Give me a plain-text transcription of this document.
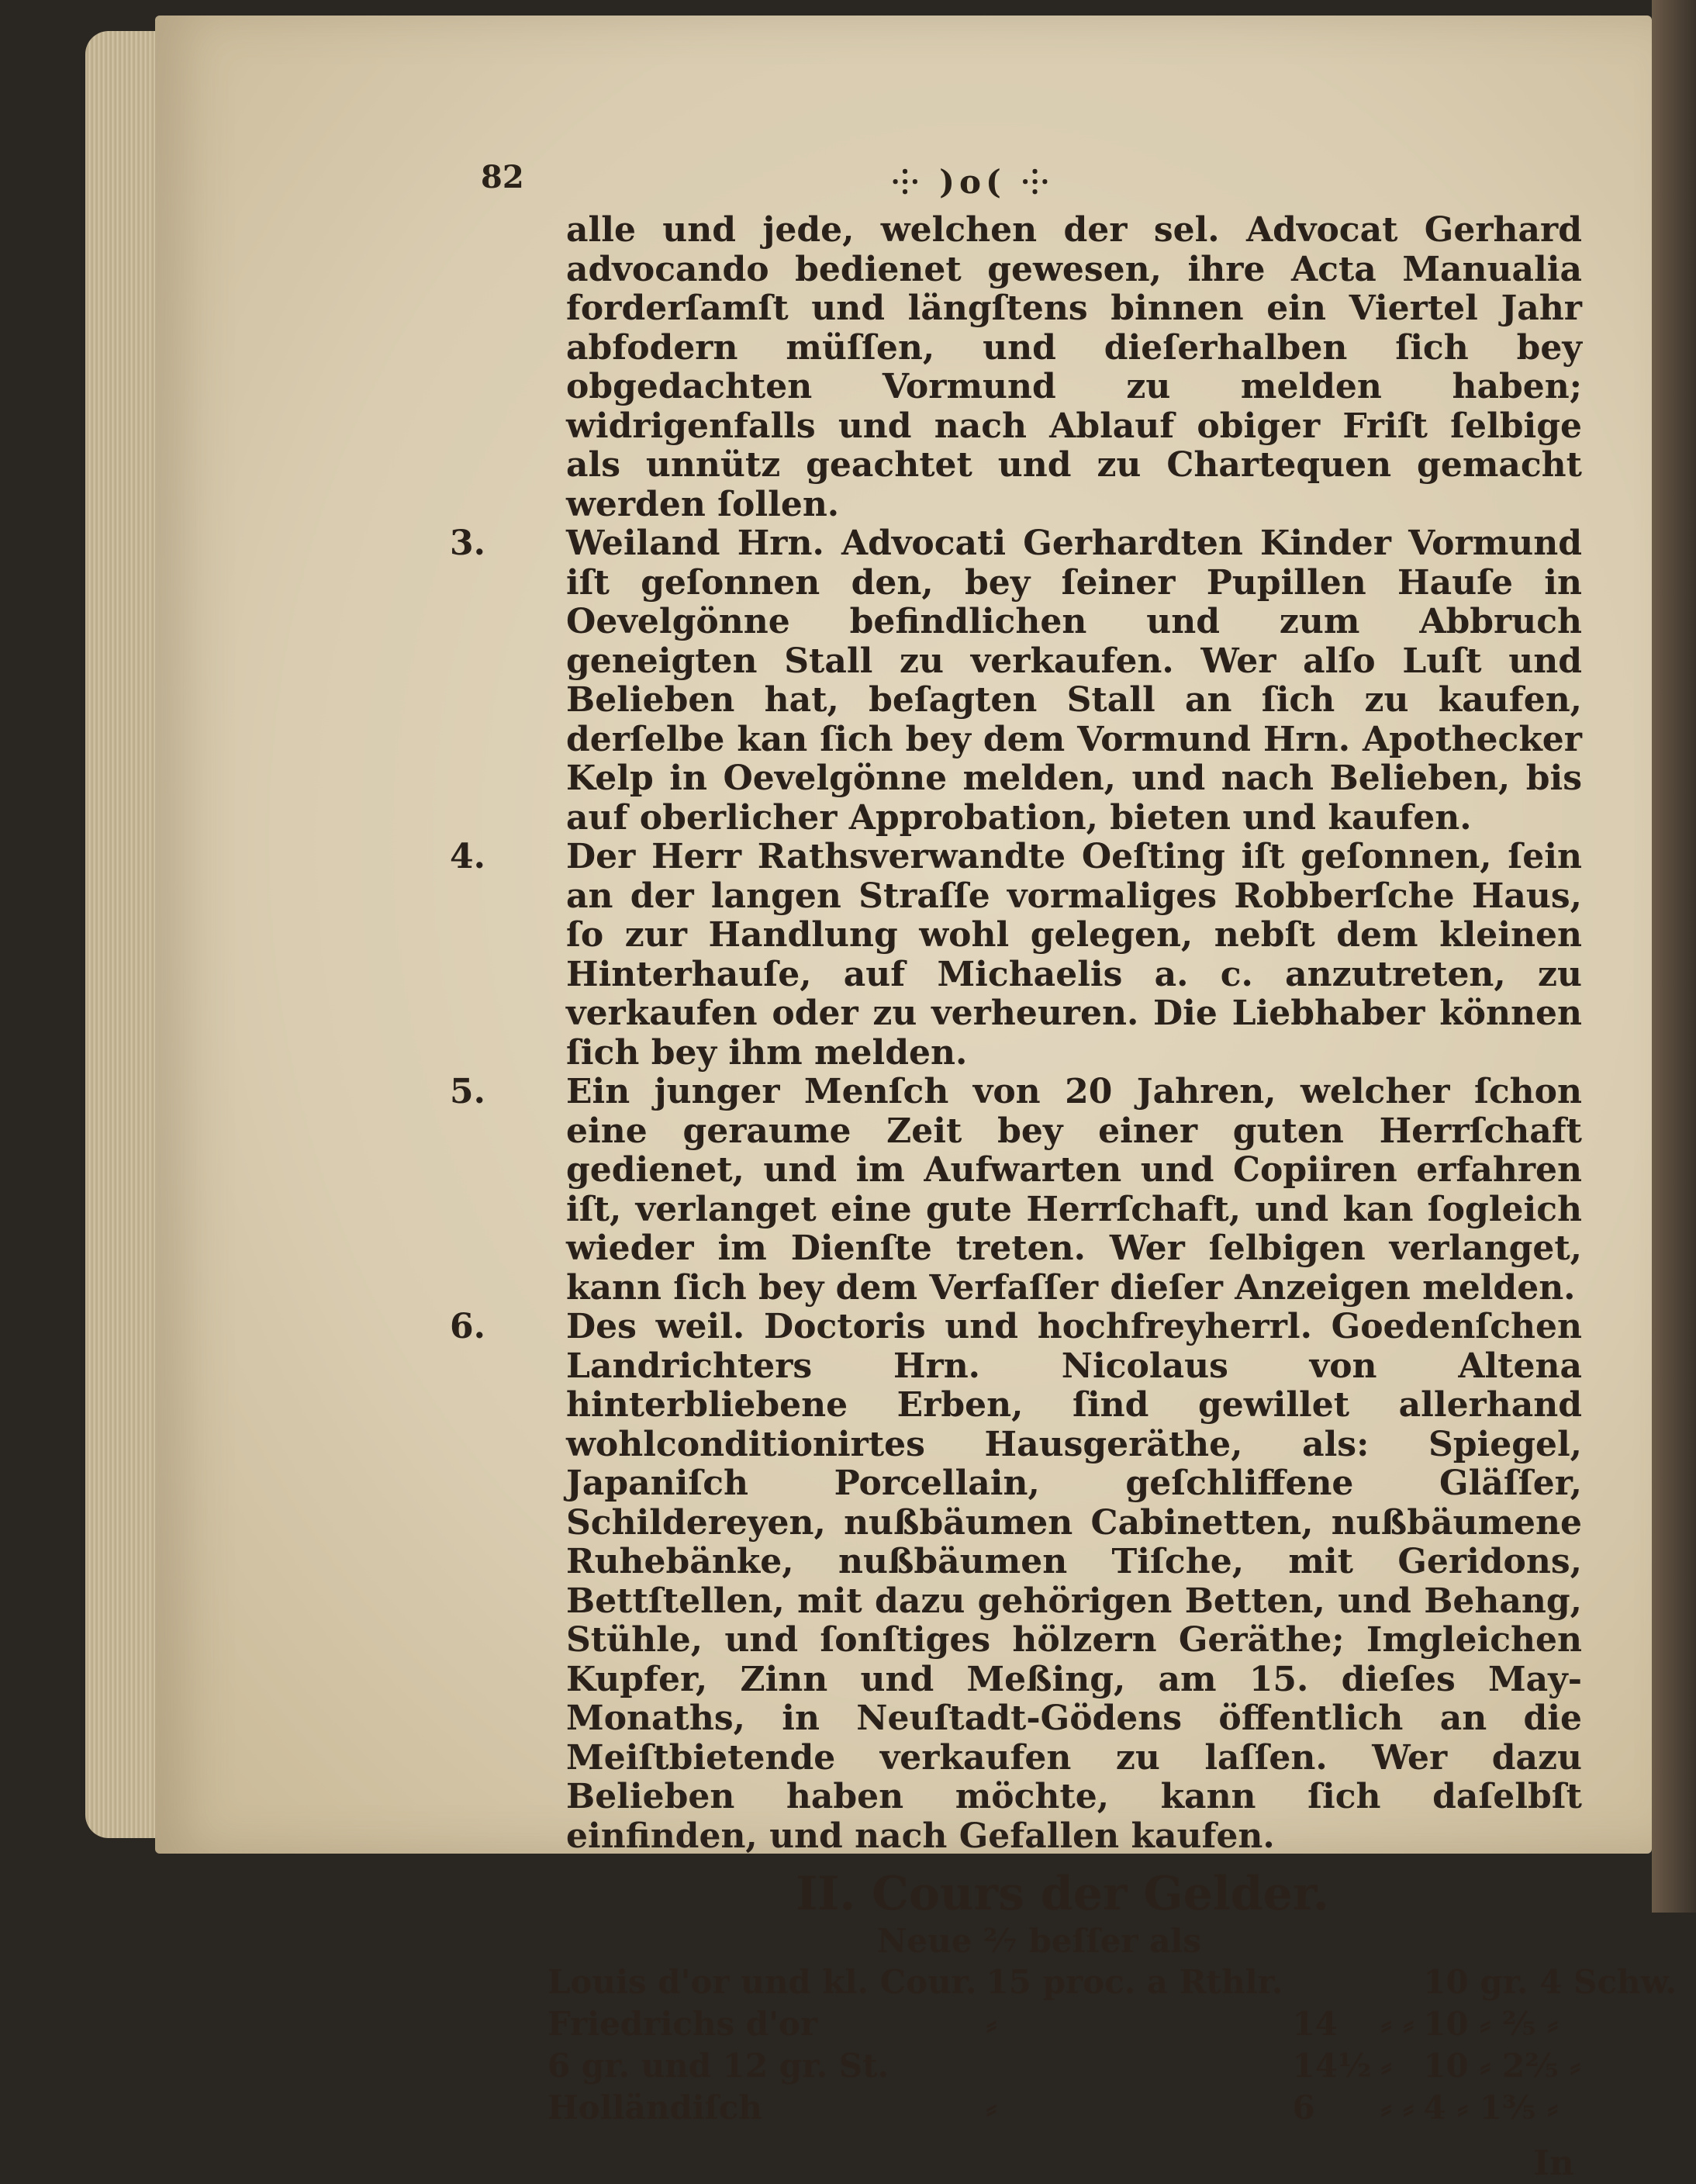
82	⸭ )o( ⸭
alle und jede, welchen der sel. Advocat Gerhard advocando bedienet gewesen, ihre Acta Manualia forderſamſt und längſtens binnen ein Viertel Jahr abfodern müſſen, und dieſerhalben ſich bey obgedachten Vormund zu melden haben; widrigenfalls und nach Ablauf obiger Friſt ſelbige als unnütz geachtet und zu Chartequen gemacht werden ſollen.
3. Weiland Hrn. Advocati Gerhardten Kinder Vormund iſt geſonnen den, bey ſeiner Pupillen Hauſe in Oevelgönne befindlichen und zum Abbruch geneigten Stall zu verkaufen. Wer alſo Luſt und Belieben hat, beſagten Stall an ſich zu kaufen, derſelbe kan ſich bey dem Vormund Hrn. Apothecker Kelp in Oevelgönne melden, und nach Belieben, bis auf oberlicher Approbation, bieten und kaufen.
4. Der Herr Rathsverwandte Oeſting iſt geſonnen, ſein an der langen Straſſe vormaliges Robberſche Haus, ſo zur Handlung wohl gelegen, nebſt dem kleinen Hinterhauſe, auf Michaelis a. c. anzutreten, zu verkaufen oder zu verheuren. Die Liebhaber können ſich bey ihm melden.
5. Ein junger Menſch von 20 Jahren, welcher ſchon eine geraume Zeit bey einer guten Herrſchaft gedienet, und im Aufwarten und Copiiren erfahren iſt, verlanget eine gute Herrſchaft, und kan ſogleich wieder im Dienſte treten. Wer ſelbigen verlanget, kann ſich bey dem Verfaſſer dieſer Anzeigen melden.
6. Des weil. Doctoris und hochfreyherrl. Goedenſchen Landrichters Hrn. Nicolaus von Altena hinterbliebene Erben, ſind gewillet allerhand wohlconditionirtes Hausgeräthe, als: Spiegel, Japaniſch Porcellain, geſchliffene Gläſſer, Schildereyen, nußbäumen Cabinetten, nußbäumene Ruhebänke, nußbäumen Tiſche, mit Geridons, Bettſtellen, mit dazu gehörigen Betten, und Behang, Stühle, und ſonſtiges hölzern Geräthe; Imgleichen Kupfer, Zinn und Meßing, am 15. dieſes May-Monaths, in Neuſtadt-Gödens öffentlich an die Meiſtbietende verkaufen zu laſſen. Wer dazu Belieben haben möchte, kann ſich daſelbſt einfinden, und nach Gefallen kaufen.
II. Cours der Gelder.
Neue ²⁄₇ beſſer als
Louis d'or und kl. Cour.	15 proc. a Rthlr.			10 gr. 4 Schw.
Friedrichs d'or	⸗	14	⸗ ⸗	10 ⸗ ²⁄₅ ⸗
6 gr. und 12 gr. St.		14½	⸗	10 ⸗ 2⅖ ⸗
Holländiſch	⸗	6	⸗ ⸗	4 ⸗ 1⅗ ⸗
In
